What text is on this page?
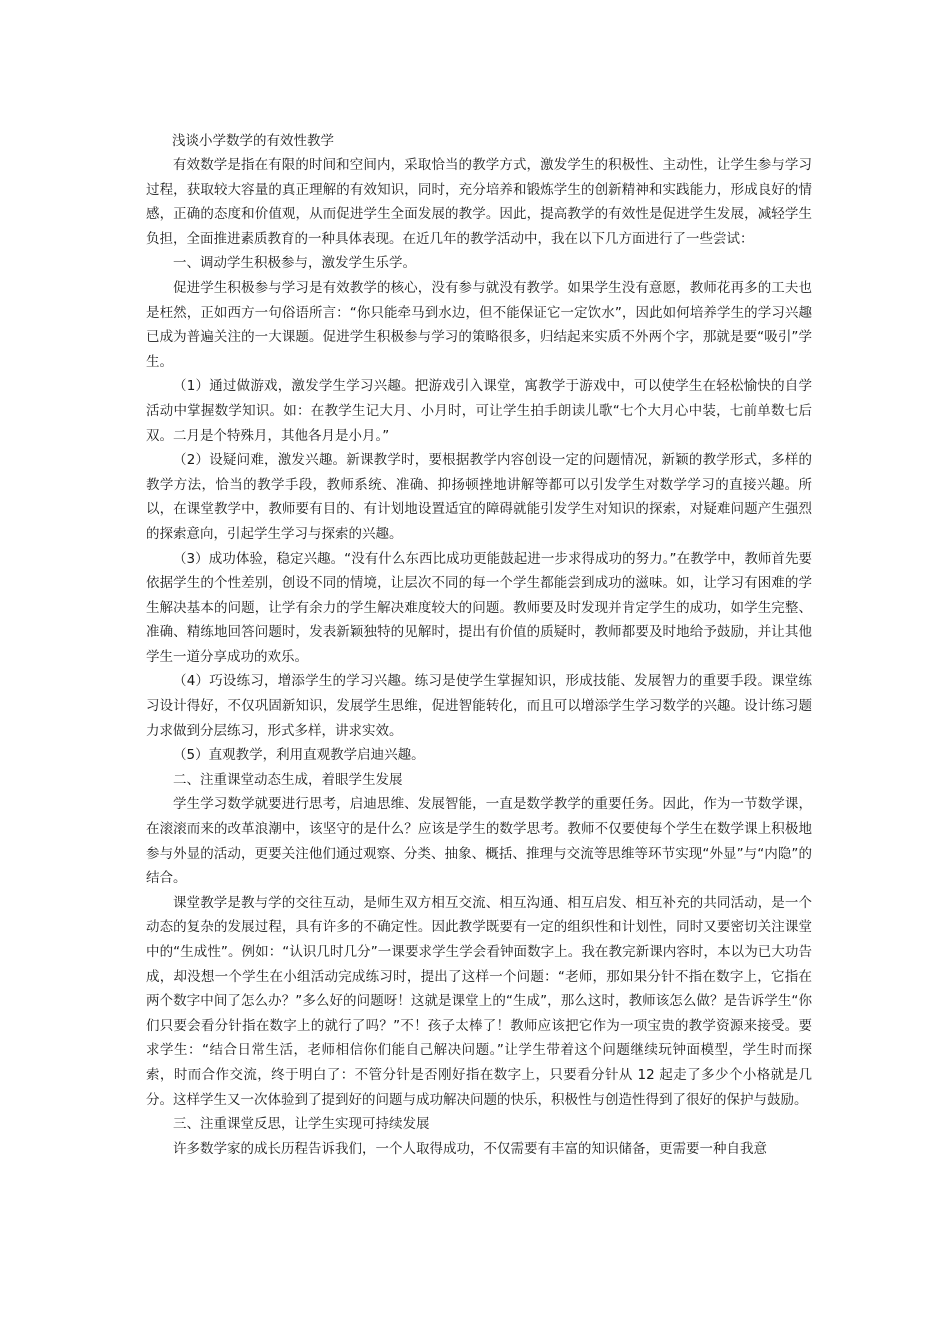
浅谈小学数学的有效性教学

有效数学是指在有限的时间和空间内，采取恰当的教学方式，激发学生的积极性、主动性，让学生参与学习过程，获取较大容量的真正理解的有效知识，同时，充分培养和锻炼学生的创新精神和实践能力，形成良好的情感，正确的态度和价值观，从而促进学生全面发展的教学。因此，提高教学的有效性是促进学生发展，减轻学生负担，全面推进素质教育的一种具体表现。在近几年的教学活动中，我在以下几方面进行了一些尝试：

一、调动学生积极参与，激发学生乐学。

促进学生积极参与学习是有效教学的核心，没有参与就没有教学。如果学生没有意愿，教师花再多的工夫也是枉然，正如西方一句俗语所言：“你只能牵马到水边，但不能保证它一定饮水”，因此如何培养学生的学习兴趣已成为普遍关注的一大课题。促进学生积极参与学习的策略很多，归结起来实质不外两个字，那就是要“吸引”学生。

（1）通过做游戏，激发学生学习兴趣。把游戏引入课堂，寓教学于游戏中，可以使学生在轻松愉快的自学活动中掌握数学知识。如：在教学生记大月、小月时，可让学生拍手朗读儿歌“七个大月心中装，七前单数七后双。二月是个特殊月，其他各月是小月。”

（2）设疑问难，激发兴趣。新课教学时，要根据教学内容创设一定的问题情况，新颖的教学形式，多样的教学方法，恰当的教学手段，教师系统、准确、抑扬顿挫地讲解等都可以引发学生对数学学习的直接兴趣。所以，在课堂教学中，教师要有目的、有计划地设置适宜的障碍就能引发学生对知识的探索，对疑难问题产生强烈的探索意向，引起学生学习与探索的兴趣。

（3）成功体验，稳定兴趣。“没有什么东西比成功更能鼓起进一步求得成功的努力。”在教学中，教师首先要依据学生的个性差别，创设不同的情境，让层次不同的每一个学生都能尝到成功的滋味。如，让学习有困难的学生解决基本的问题，让学有余力的学生解决难度较大的问题。教师要及时发现并肯定学生的成功，如学生完整、准确、精练地回答问题时，发表新颖独特的见解时，提出有价值的质疑时，教师都要及时地给予鼓励，并让其他学生一道分享成功的欢乐。

（4）巧设练习，增添学生的学习兴趣。练习是使学生掌握知识，形成技能、发展智力的重要手段。课堂练习设计得好，不仅巩固新知识，发展学生思维，促进智能转化，而且可以增添学生学习数学的兴趣。设计练习题力求做到分层练习，形式多样，讲求实效。

（5）直观教学，利用直观教学启迪兴趣。

二、注重课堂动态生成，着眼学生发展

学生学习数学就要进行思考，启迪思维、发展智能，一直是数学教学的重要任务。因此，作为一节数学课，在滚滚而来的改革浪潮中，该坚守的是什么？应该是学生的数学思考。教师不仅要使每个学生在数学课上积极地参与外显的活动，更要关注他们通过观察、分类、抽象、概括、推理与交流等思维等环节实现“外显”与“内隐”的结合。

课堂教学是教与学的交往互动，是师生双方相互交流、相互沟通、相互启发、相互补充的共同活动，是一个动态的复杂的发展过程，具有许多的不确定性。因此教学既要有一定的组织性和计划性，同时又要密切关注课堂中的“生成性”。例如：“认识几时几分”一课要求学生学会看钟面数字上。我在教完新课内容时，本以为已大功告成，却没想一个学生在小组活动完成练习时，提出了这样一个问题：“老师，那如果分针不指在数字上，它指在两个数字中间了怎么办？”多么好的问题呀！这就是课堂上的“生成”，那么这时，教师该怎么做？是告诉学生“你们只要会看分针指在数字上的就行了吗？”不！孩子太棒了！教师应该把它作为一项宝贵的教学资源来接受。要求学生：“结合日常生活，老师相信你们能自己解决问题。”让学生带着这个问题继续玩钟面模型，学生时而探索，时而合作交流，终于明白了：不管分针是否刚好指在数字上，只要看分针从 12 起走了多少个小格就是几分。这样学生又一次体验到了提到好的问题与成功解决问题的快乐，积极性与创造性得到了很好的保护与鼓励。

三、注重课堂反思，让学生实现可持续发展

许多数学家的成长历程告诉我们，一个人取得成功，不仅需要有丰富的知识储备，更需要一种自我意
